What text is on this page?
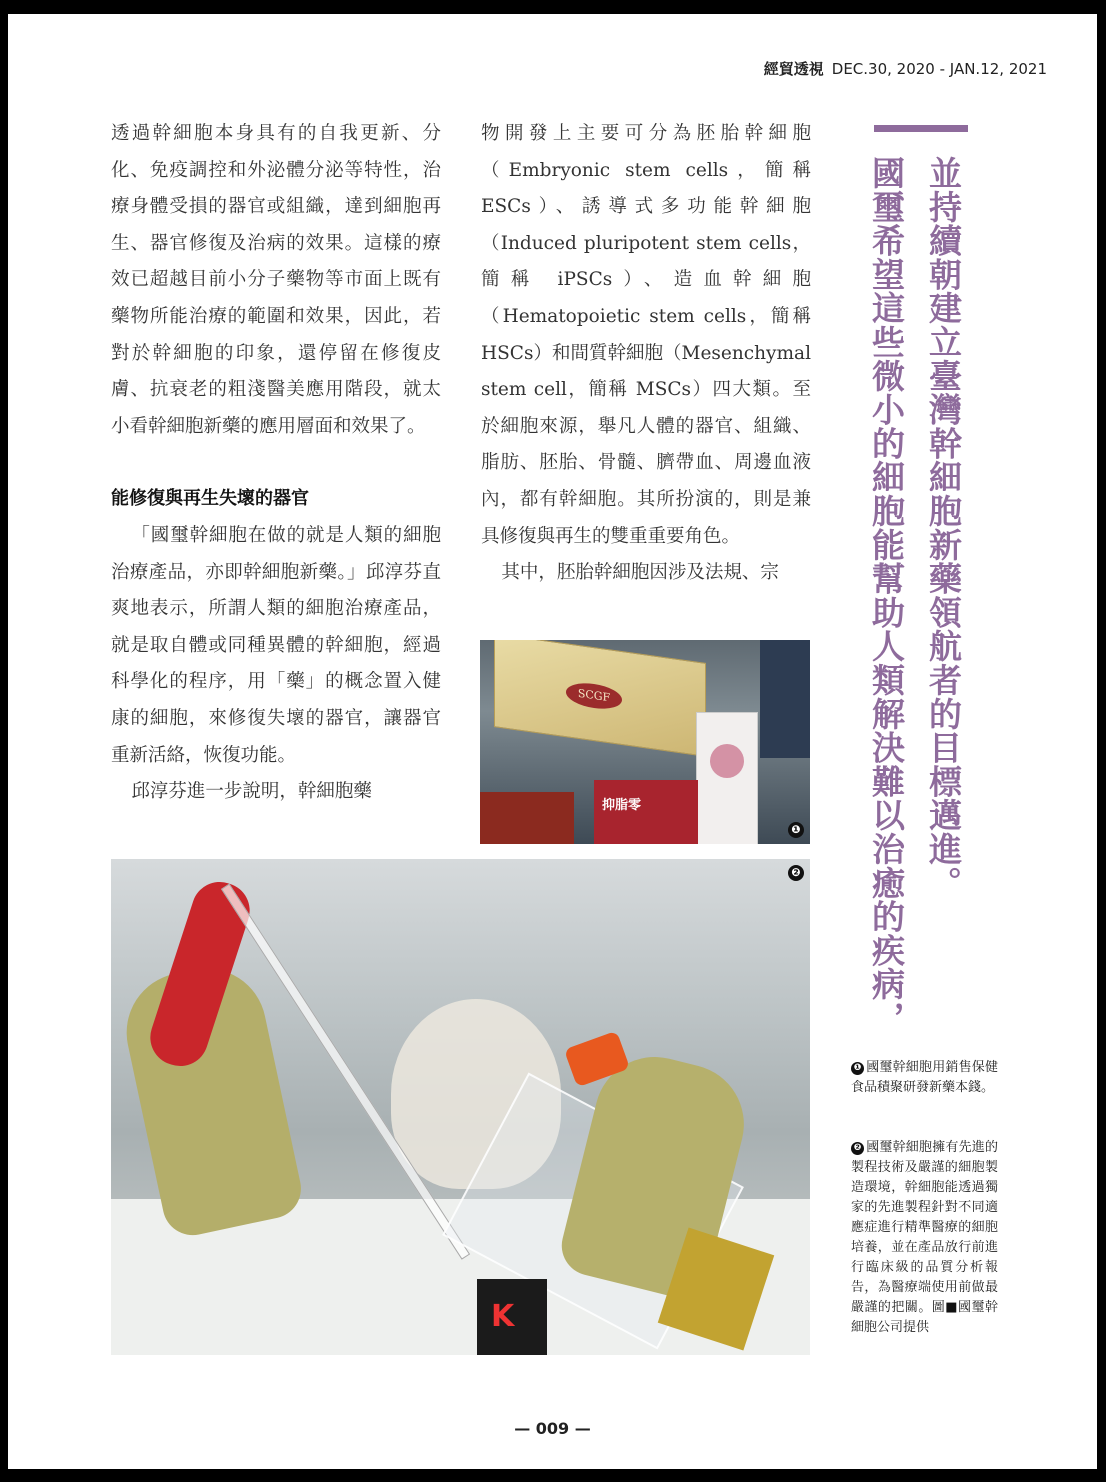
經貿透視 DEC.30, 2020 - JAN.12, 2021

透過幹細胞本身具有的自我更新、分化、免疫調控和外泌體分泌等特性，治療身體受損的器官或組織，達到細胞再生、器官修復及治病的效果。這樣的療效已超越目前小分子藥物等市面上既有藥物所能治療的範圍和效果，因此，若對於幹細胞的印象，還停留在修復皮膚、抗衰老的粗淺醫美應用階段，就太小看幹細胞新藥的應用層面和效果了。

能修復與再生失壞的器官

「國璽幹細胞在做的就是人類的細胞治療產品，亦即幹細胞新藥。」邱淳芬直爽地表示，所謂人類的細胞治療產品，就是取自體或同種異體的幹細胞，經過科學化的程序，用「藥」的概念置入健康的細胞，來修復失壞的器官，讓器官重新活絡，恢復功能。

邱淳芬進一步說明，幹細胞藥

物開發上主要可分為胚胎幹細胞（Embryonic stem cells，簡稱 ESCs）、誘導式多功能幹細胞（Induced pluripotent stem cells，簡稱 iPSCs）、造血幹細胞（Hematopoietic stem cells，簡稱 HSCs）和間質幹細胞（Mesenchymal stem cell，簡稱 MSCs）四大類。至於細胞來源，舉凡人體的器官、組織、脂肪、胚胎、骨髓、臍帶血、周邊血液內，都有幹細胞。其所扮演的，則是兼具修復與再生的雙重重要角色。

其中，胚胎幹細胞因涉及法規、宗	並持續朝建立臺灣幹細胞新藥領航者的目標邁進。
國璽希望這些微小的細胞能幫助人類解決難以治癒的疾病，
SCGF
抑脂零
❶
K
❷
❶ 國璽幹細胞用銷售保健食品積聚研發新藥本錢。
❷ 國璽幹細胞擁有先進的製程技術及嚴謹的細胞製造環境，幹細胞能透過獨家的先進製程針對不同適應症進行精準醫療的細胞培養，並在產品放行前進行臨床級的品質分析報告，為醫療端使用前做最嚴謹的把關。圖■國璽幹細胞公司提供
— 009 —
